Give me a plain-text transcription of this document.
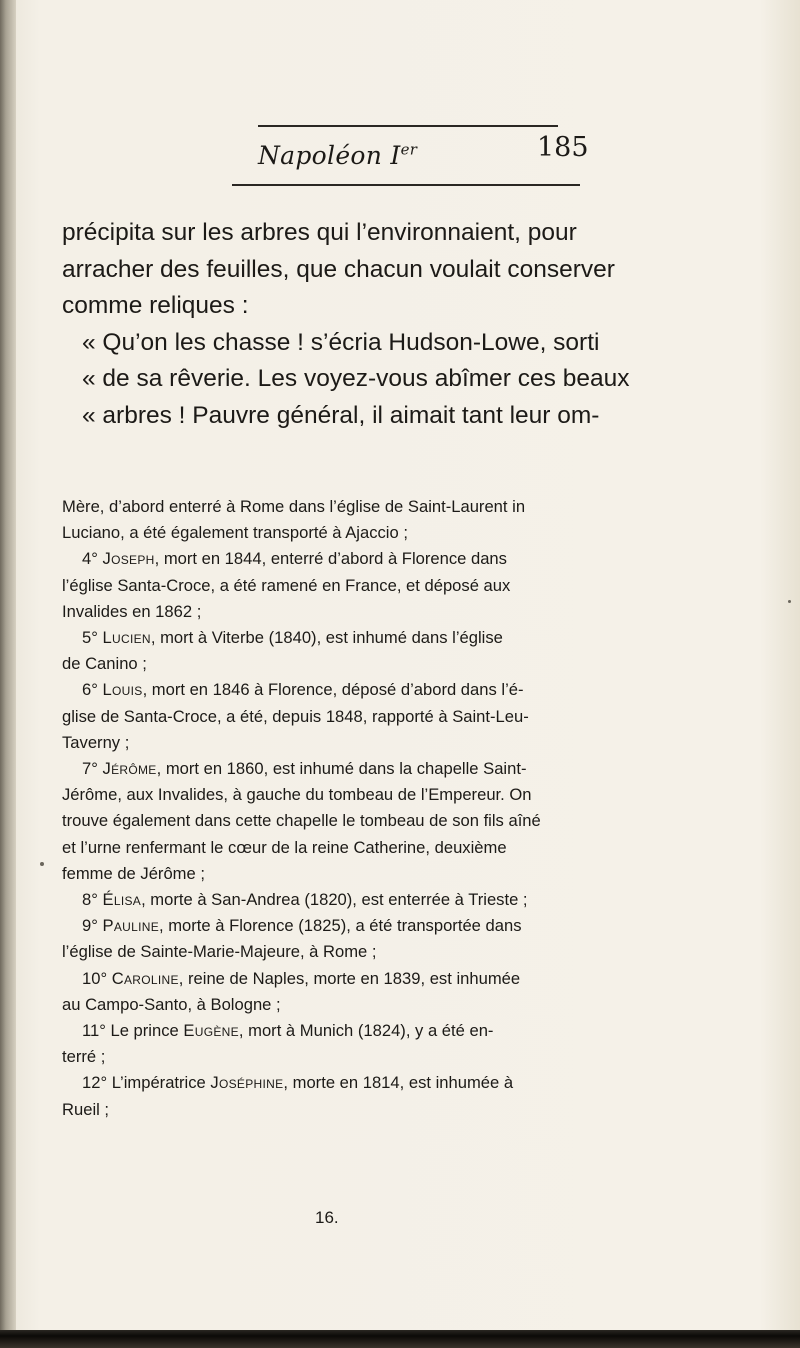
Napoléon Ier	185

précipita sur les arbres qui l’environnaient, pour

arracher des feuilles, que chacun voulait conserver

comme reliques :

« Qu’on les chasse ! s’écria Hudson-Lowe, sorti

« de sa rêverie. Les voyez-vous abîmer ces beaux

« arbres ! Pauvre général, il aimait tant leur om-

Mère, d’abord enterré à Rome dans l’église de Saint-Laurent in

Luciano, a été également transporté à Ajaccio ;

4° Joseph, mort en 1844, enterré d’abord à Florence dans

l’église Santa-Croce, a été ramené en France, et déposé aux

Invalides en 1862 ;

5° Lucien, mort à Viterbe (1840), est inhumé dans l’église

de Canino ;

6° Louis, mort en 1846 à Florence, déposé d’abord dans l’é-

glise de Santa-Croce, a été, depuis 1848, rapporté à Saint-Leu-

Taverny ;

7° Jérôme, mort en 1860, est inhumé dans la chapelle Saint-

Jérôme, aux Invalides, à gauche du tombeau de l’Empereur. On

trouve également dans cette chapelle le tombeau de son fils aîné

et l’urne renfermant le cœur de la reine Catherine, deuxième

femme de Jérôme ;

8° Élisa, morte à San-Andrea (1820), est enterrée à Trieste ;

9° Pauline, morte à Florence (1825), a été transportée dans

l’église de Sainte-Marie-Majeure, à Rome ;

10° Caroline, reine de Naples, morte en 1839, est inhumée

au Campo-Santo, à Bologne ;

11° Le prince Eugène, mort à Munich (1824), y a été en-

terré ;

12° L’impératrice Joséphine, morte en 1814, est inhumée à

Rueil ;

16.
